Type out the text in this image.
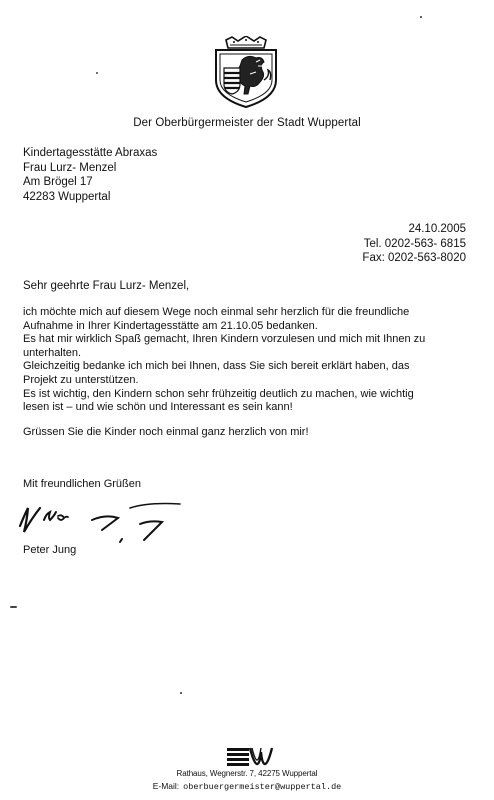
Der Oberbürgermeister der Stadt Wuppertal
Kindertagesstätte Abraxas
Frau Lurz- Menzel
Am Brögel 17
42283 Wuppertal
24.10.2005
Tel. 0202-563- 6815
Fax: 0202-563-8020
Sehr geehrte Frau Lurz- Menzel,
ich möchte mich auf diesem Wege noch einmal sehr herzlich für die freundliche
Aufnahme in Ihrer Kindertagesstätte am 21.10.05 bedanken.
Es hat mir wirklich Spaß gemacht, Ihren Kindern vorzulesen und mich mit Ihnen zu
unterhalten.
Gleichzeitig bedanke ich mich bei Ihnen, dass Sie sich bereit erklärt haben, das
Projekt zu unterstützen.
Es ist wichtig, den Kindern schon sehr frühzeitig deutlich zu machen, wie wichtig
lesen ist – und wie schön und Interessant es sein kann!
Grüssen Sie die Kinder noch einmal ganz herzlich von mir!
Mit freundlichen Grüßen
Peter Jung
Rathaus, Wegnerstr. 7, 42275 Wuppertal
E-Mail: oberbuergermeister@wuppertal.de
